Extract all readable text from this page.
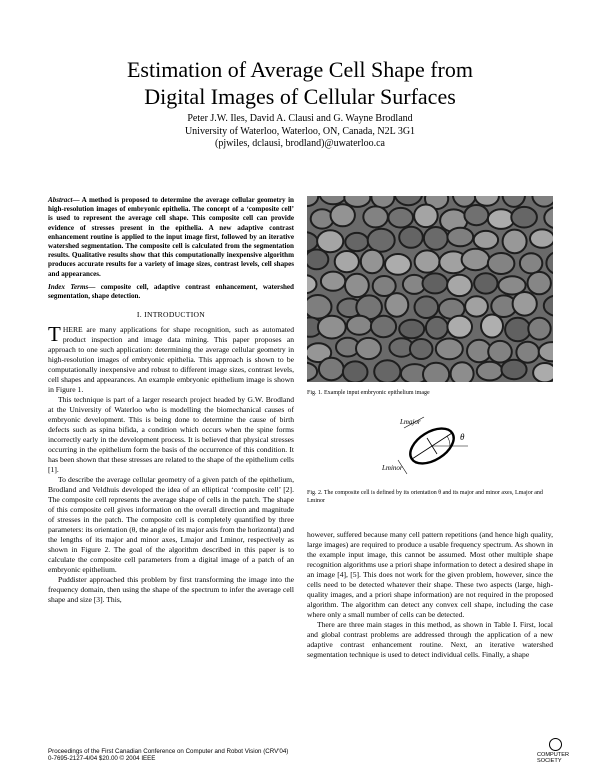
Estimation of Average Cell Shape from
Digital Images of Cellular Surfaces
Peter J.W. Iles, David A. Clausi and G. Wayne Brodland
University of Waterloo, Waterloo, ON, Canada, N2L 3G1
(pjwiles, dclausi, brodland)@uwaterloo.ca

Abstract— A method is proposed to determine the average cellular geometry in high-resolution images of embryonic epithelia. The concept of a ‘composite cell’ is used to represent the average cell shape. This composite cell can provide evidence of stresses present in the epithelia. A new adaptive contrast enhancement routine is applied to the input image first, followed by an iterative watershed segmentation. The composite cell is calculated from the segmentation results. Qualitative results show that this computationally inexpensive algorithm produces accurate results for a variety of image sizes, contrast levels, cell shapes and appearances.

Index Terms— composite cell, adaptive contrast enhancement, watershed segmentation, shape detection.

I. INTRODUCTION

THERE are many applications for shape recognition, such as automated product inspection and image data mining. This paper proposes an approach to one such application: determining the average cellular geometry in high-resolution images of embryonic epithelia. This approach is shown to be computationally inexpensive and robust to different image sizes, contrast levels, cell shapes and appearances. An example embryonic epithelium image is shown in Figure 1.

This technique is part of a larger research project headed by G.W. Brodland at the University of Waterloo who is modelling the biomechanical causes of embryonic development. This is being done to determine the cause of birth defects such as spina bifida, a condition which occurs when the spine forms incorrectly early in the development process. It is believed that physical stresses occurring in the epithelium form the basis of the occurrence of this condition. It has been shown that these stresses are related to the shape of the epithelium cells [1].

To describe the average cellular geometry of a given patch of the epithelium, Brodland and Veldhuis developed the idea of an elliptical ‘composite cell’ [2]. The composite cell represents the average shape of cells in the patch. The shape of this composite cell gives information on the overall direction and magnitude of stresses in the patch. The composite cell is completely quantified by three parameters: its orientation (θ, the angle of its major axis from the horizontal) and the lengths of its major and minor axes, Lmajor and Lminor, respectively as shown in Figure 2. The goal of the algorithm described in this paper is to calculate the composite cell parameters from a digital image of a patch of an embryonic epithelium.

Puddister approached this problem by first transforming the image into the frequency domain, then using the shape of the spectrum to infer the average cell shape and size [3]. This,

Fig. 1. Example input embryonic epithelium image
Lmajor
Lminor
θ
Fig. 2. The composite cell is defined by its orientation θ and its major and minor axes, Lmajor and Lminor

however, suffered because many cell pattern repetitions (and hence high quality, large images) are required to produce a usable frequency spectrum. As shown in the example input image, this cannot be assumed. Most other multiple shape recognition algorithms use a priori shape information to detect a desired shape in an image [4], [5]. This does not work for the given problem, however, since the cells need to be detected whatever their shape. These two aspects (large, high-quality images, and a priori shape information) are not required in the proposed algorithm. The algorithm can detect any convex cell shape, including the case where only a small number of cells can be detected.

There are three main stages in this method, as shown in Table I. First, local and global contrast problems are addressed through the application of a new adaptive contrast enhancement routine. Next, an iterative watershed segmentation technique is used to detect individual cells. Finally, a shape

Proceedings of the First Canadian Conference on Computer and Robot Vision (CRV'04)
0-7695-2127-4/04 $20.00 © 2004 IEEE
COMPUTER
SOCIETY
